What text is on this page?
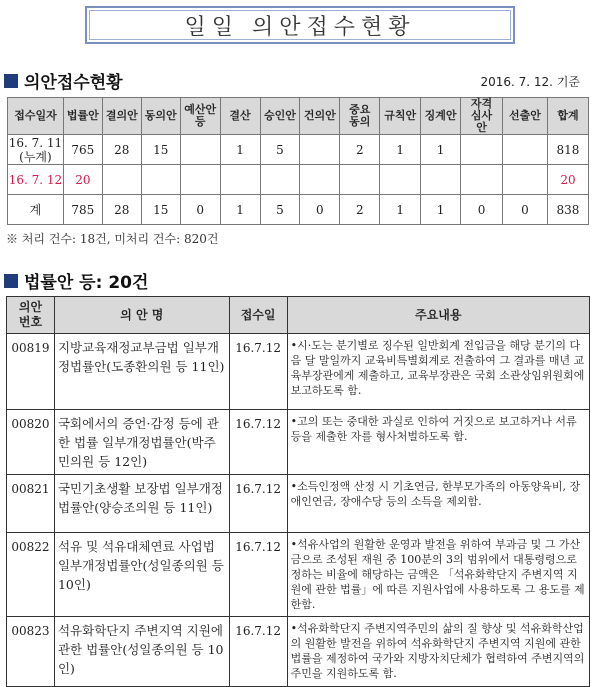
일일 의안접수현황
의안접수현황	2016. 7. 12. 기준
접수일자	법률안	결의안	동의안	예산안등	결산	승인안	건의안	중요동의	규칙안	징계안	자격심사안	선출안	합계
16. 7. 11
(누계)	765	28	15		1	5		2	1	1			818
16. 7. 12	20												20
계	785	28	15	0	1	5	0	2	1	1	0	0	838
※ 처리 건수: 18건, 미처리 건수: 820건
법률안 등: 20건
의안번호	의 안 명	접수일	주요내용
00819	지방교육재정교부금법 일부개정법률안(도종환의원 등 11인)	16.7.12	•시·도는 분기별로 징수된 일반회계 전입금을 해당 분기의 다음 달 말일까지 교육비특별회계로 전출하여 그 결과를 매년 교육부장관에게 제출하고, 교육부장관은 국회 소관상임위원회에 보고하도록 함.
00820	국회에서의 증언·감정 등에 관한 법률 일부개정법률안(박주민의원 등 12인)	16.7.12	•고의 또는 중대한 과실로 인하여 거짓으로 보고하거나 서류등을 제출한 자를 형사처벌하도록 함.
00821	국민기초생활 보장법 일부개정법률안(양승조의원 등 11인)	16.7.12	•소득인정액 산정 시 기초연금, 한부모가족의 아동양육비, 장애인연금, 장애수당 등의 소득을 제외함.
00822	석유 및 석유대체연료 사업법 일부개정법률안(성일종의원 등 10인)	16.7.12	•석유사업의 원활한 운영과 발전을 위하여 부과금 및 그 가산금으로 조성된 재원 중 100분의 3의 범위에서 대통령령으로 정하는 비율에 해당하는 금액은 「석유화학단지 주변지역 지원에 관한 법률」에 따른 지원사업에 사용하도록 그 용도를 제한함.
00823	석유화학단지 주변지역 지원에 관한 법률안(성일종의원 등 10인)	16.7.12	•석유화학단지 주변지역주민의 삶의 질 향상 및 석유화학산업의 원활한 발전을 위하여 석유화학단지 주변지역 지원에 관한 법률을 제정하여 국가와 지방자치단체가 협력하여 주변지역의 주민을 지원하도록 함.
